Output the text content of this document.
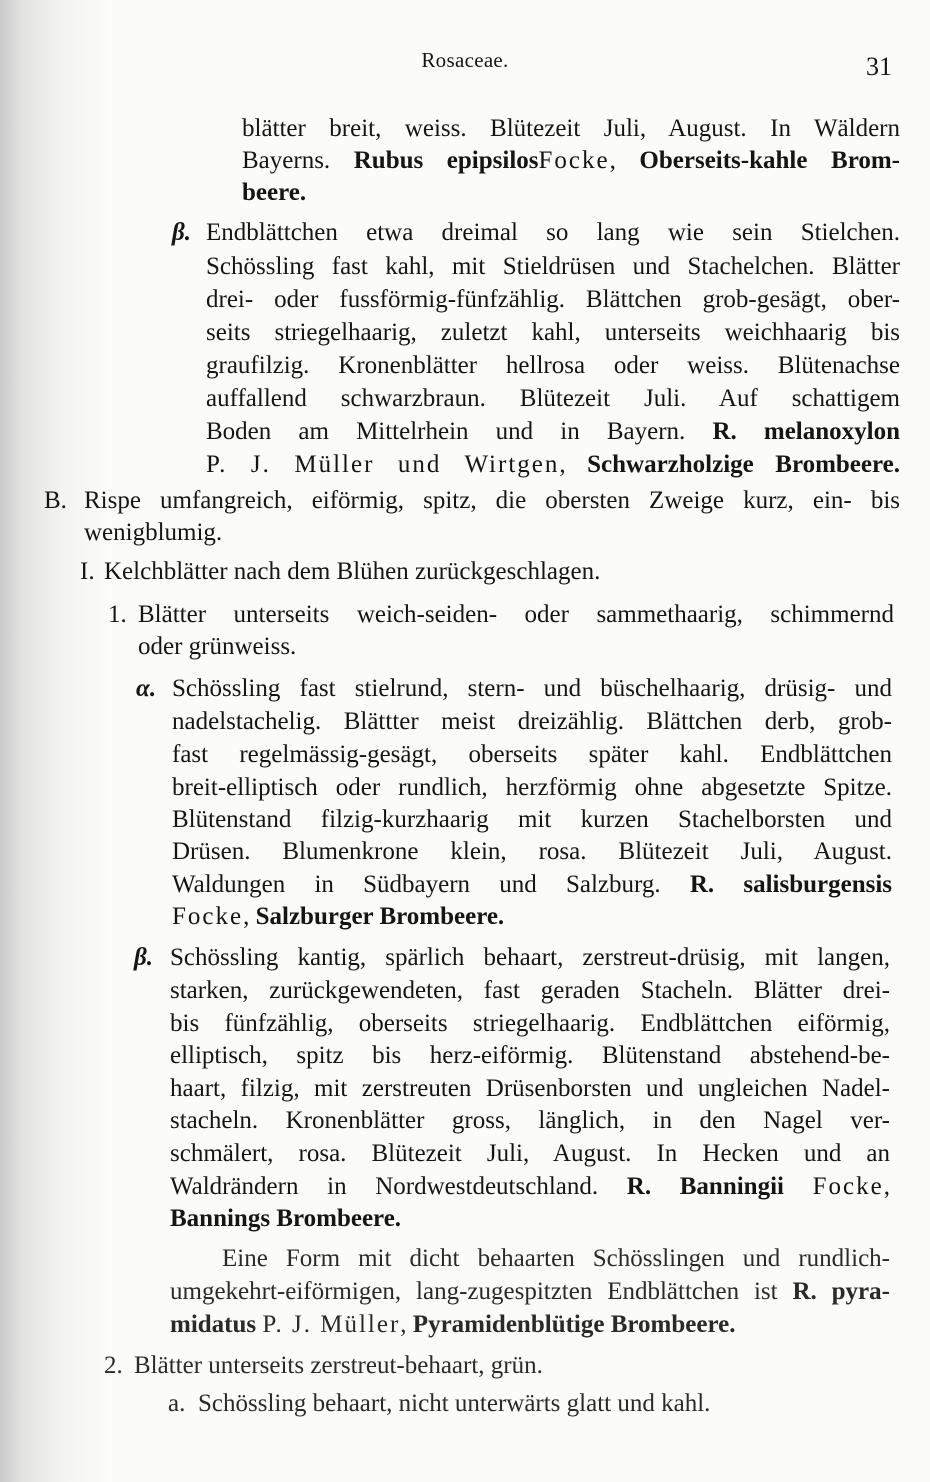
Rosaceae.	31
blätter breit, weiss. Blütezeit Juli, August. In Wäldern
Bayerns. Rubus epipsilosFocke, Oberseits-kahle Brom-
beere.
β. Endblättchen etwa dreimal so lang wie sein Stielchen.
Schössling fast kahl, mit Stieldrüsen und Stachelchen. Blätter
drei- oder fussförmig-fünfzählig. Blättchen grob-gesägt, ober-
seits striegelhaarig, zuletzt kahl, unterseits weichhaarig bis
graufilzig. Kronenblätter hellrosa oder weiss. Blütenachse
auffallend schwarzbraun. Blütezeit Juli. Auf schattigem
Boden am Mittelrhein und in Bayern. R. melanoxylon
P. J. Müller und Wirtgen, Schwarzholzige Brombeere.
B. Rispe umfangreich, eiförmig, spitz, die obersten Zweige kurz, ein- bis
wenigblumig.
I. Kelchblätter nach dem Blühen zurückgeschlagen.
1. Blätter unterseits weich-seiden- oder sammethaarig, schimmernd
oder grünweiss.
α. Schössling fast stielrund, stern- und büschelhaarig, drüsig- und
nadelstachelig. Blättter meist dreizählig. Blättchen derb, grob-
fast regelmässig-gesägt, oberseits später kahl. Endblättchen
breit-elliptisch oder rundlich, herzförmig ohne abgesetzte Spitze.
Blütenstand filzig-kurzhaarig mit kurzen Stachelborsten und
Drüsen. Blumenkrone klein, rosa. Blütezeit Juli, August.
Waldungen in Südbayern und Salzburg. R. salisburgensis
Focke, Salzburger Brombeere.
β. Schössling kantig, spärlich behaart, zerstreut-drüsig, mit langen,
starken, zurückgewendeten, fast geraden Stacheln. Blätter drei-
bis fünfzählig, oberseits striegelhaarig. Endblättchen eiförmig,
elliptisch, spitz bis herz-eiförmig. Blütenstand abstehend-be-
haart, filzig, mit zerstreuten Drüsenborsten und ungleichen Nadel-
stacheln. Kronenblätter gross, länglich, in den Nagel ver-
schmälert, rosa. Blütezeit Juli, August. In Hecken und an
Waldrändern in Nordwestdeutschland. R. Banningii Focke,
Bannings Brombeere.
Eine Form mit dicht behaarten Schösslingen und rundlich-
umgekehrt-eiförmigen, lang-zugespitzten Endblättchen ist R. pyra-
midatus P. J. Müller, Pyramidenblütige Brombeere.
2. Blätter unterseits zerstreut-behaart, grün.
a. Schössling behaart, nicht unterwärts glatt und kahl.
